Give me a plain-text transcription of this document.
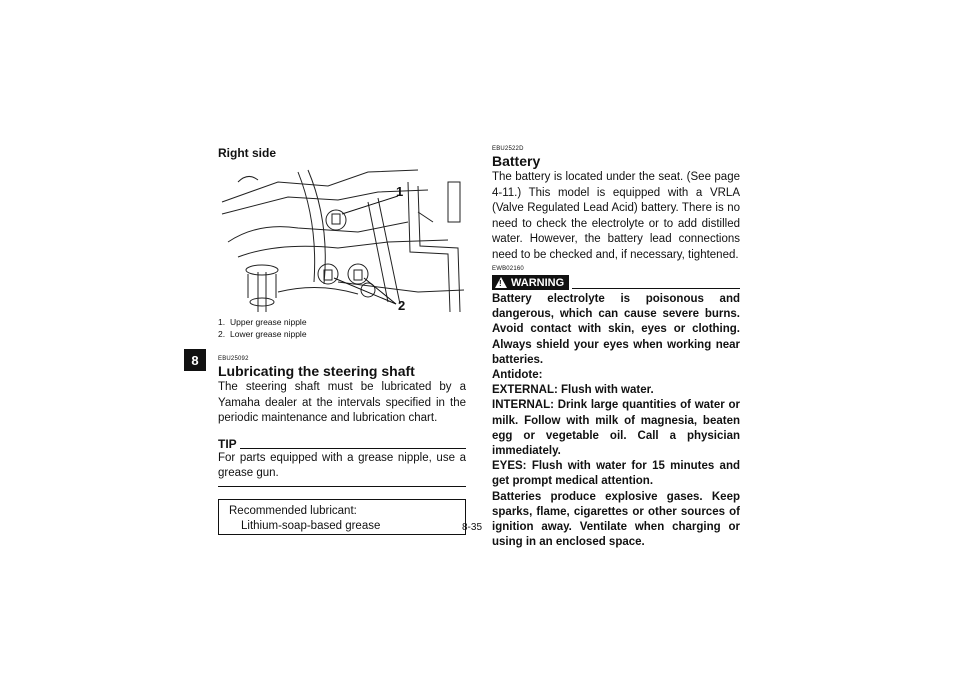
8
Right side
1
2
1. Upper grease nipple
2. Lower grease nipple
EBU25092
Lubricating the steering shaft

The steering shaft must be lubricated by a Yamaha dealer at the intervals specified in the periodic maintenance and lubrication chart.

TIP
For parts equipped with a grease nipple, use a grease gun.
Recommended lubricant:
Lithium-soap-based grease
EBU2522D
Battery

The battery is located under the seat. (See page 4-11.) This model is equipped with a VRLA (Valve Regulated Lead Acid) battery. There is no need to check the electrolyte or to add distilled water. However, the battery lead connections need to be checked and, if necessary, tightened.

EWB02160
! WARNING

Battery electrolyte is poisonous and dangerous, which can cause severe burns. Avoid contact with skin, eyes or clothing. Always shield your eyes when working near batteries.

Antidote:

EXTERNAL: Flush with water.

INTERNAL: Drink large quantities of water or milk. Follow with milk of magnesia, beaten egg or vegetable oil. Call a physician immediately.

EYES: Flush with water for 15 minutes and get prompt medical attention.

Batteries produce explosive gases. Keep sparks, flame, cigarettes or other sources of ignition away. Ventilate when charging or using in an enclosed space.

8-35
